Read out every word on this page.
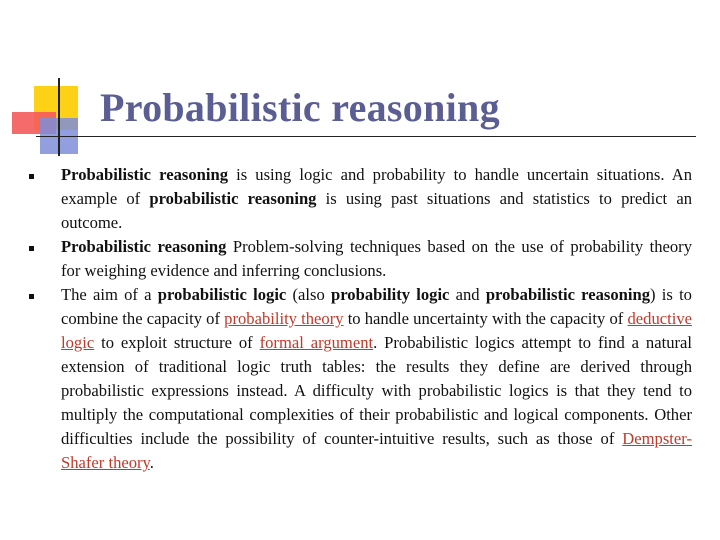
Probabilistic reasoning

Probabilistic reasoning is using logic and probability to handle uncertain situations. An example of probabilistic reasoning is using past situations and statistics to predict an outcome.

Probabilistic reasoning Problem-solving techniques based on the use of probability theory for weighing evidence and inferring conclusions.

The aim of a probabilistic logic (also probability logic and probabilistic reasoning) is to combine the capacity of probability theory to handle uncertainty with the capacity of deductive logic to exploit structure of formal argument. Probabilistic logics attempt to find a natural extension of traditional logic truth tables: the results they define are derived through probabilistic expressions instead. A difficulty with probabilistic logics is that they tend to multiply the computational complexities of their probabilistic and logical components. Other difficulties include the possibility of counter-intuitive results, such as those of Dempster-Shafer theory.
